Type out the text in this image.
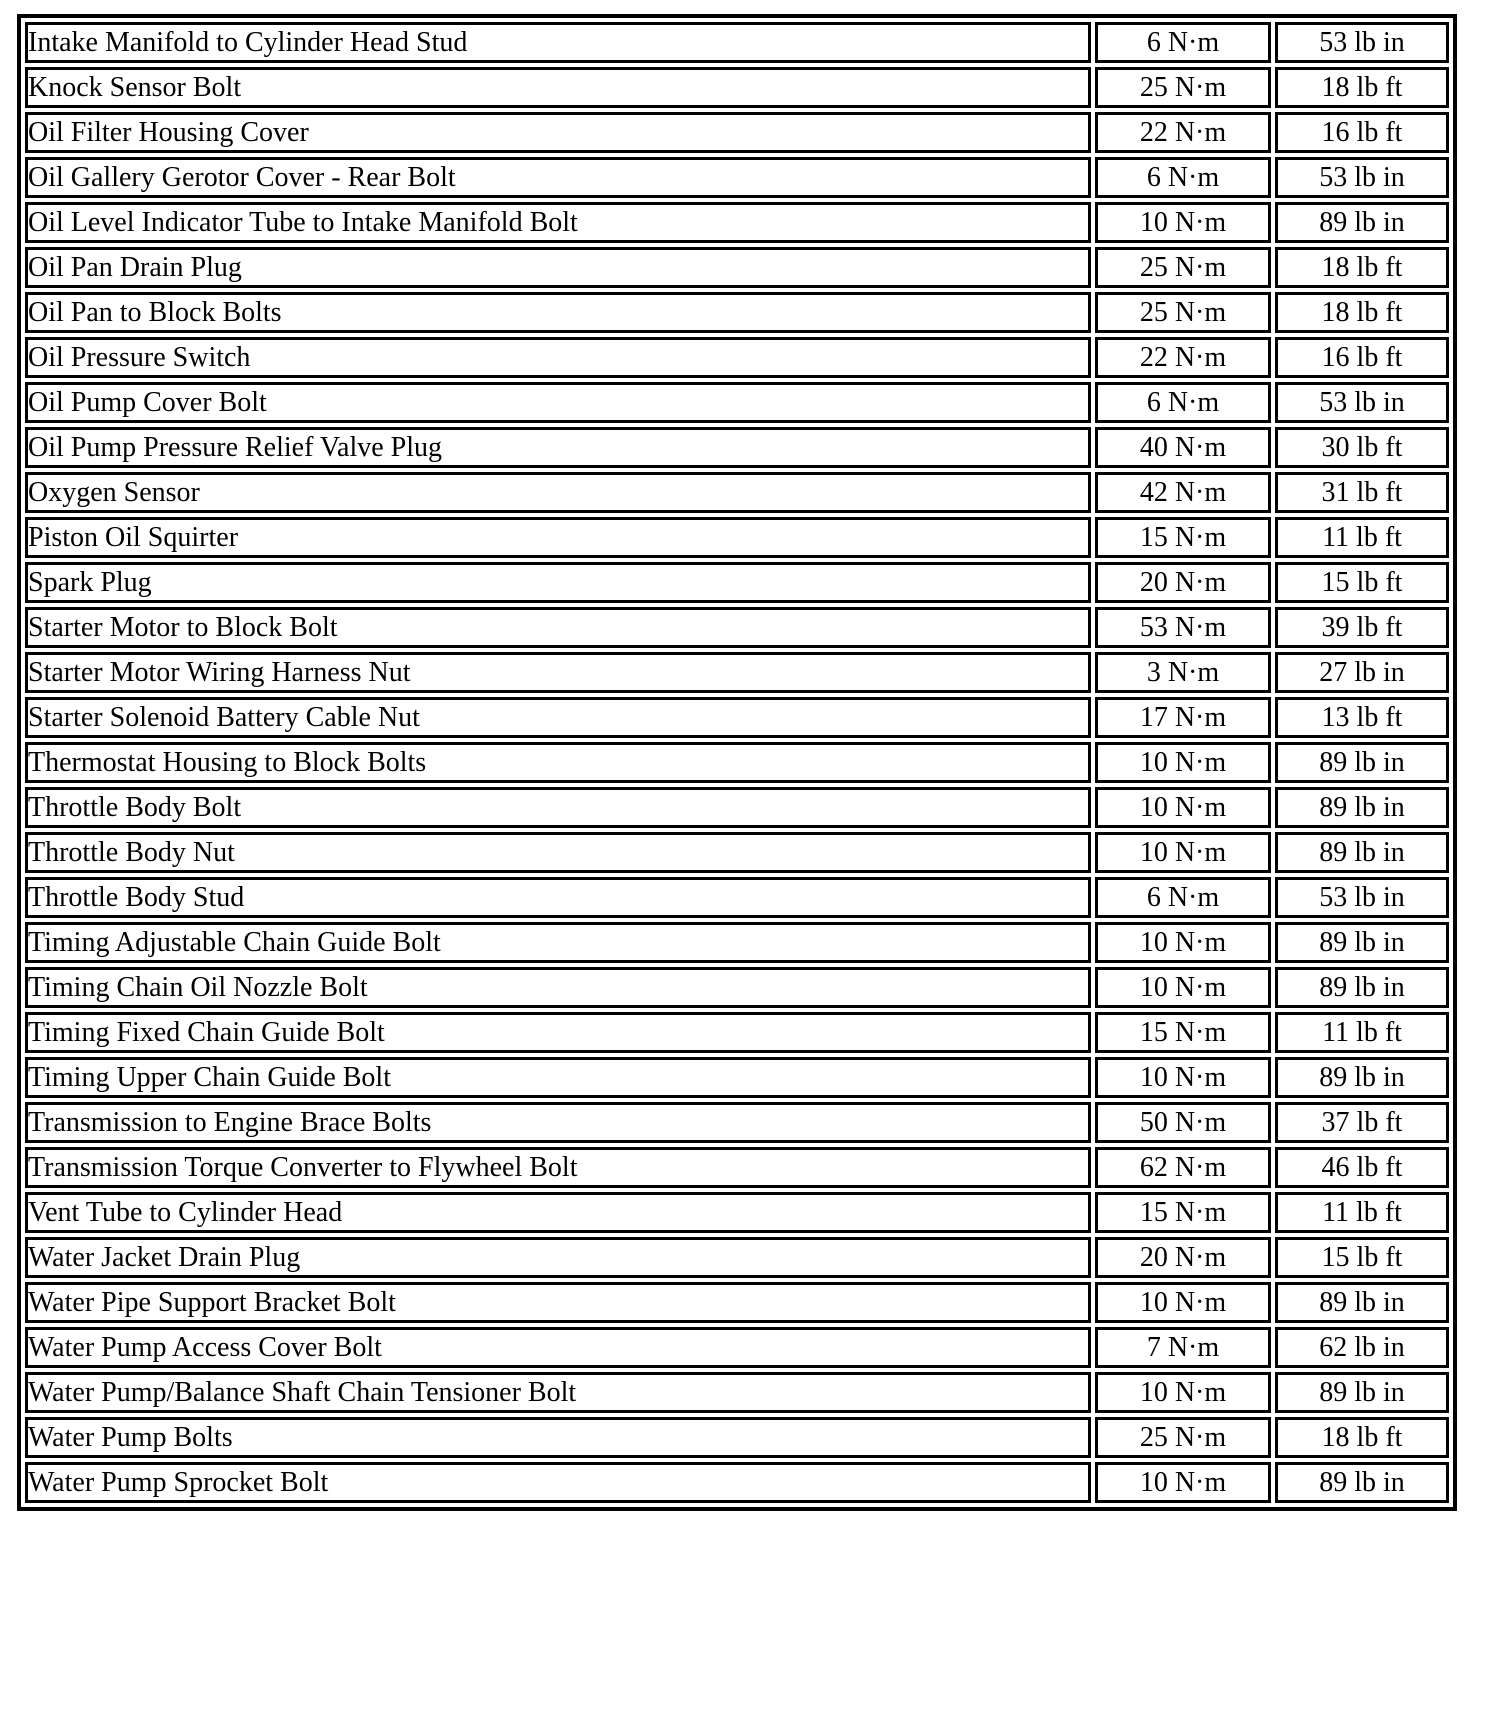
Intake Manifold to Cylinder Head Stud	6 N·m	53 lb in
Knock Sensor Bolt	25 N·m	18 lb ft
Oil Filter Housing Cover	22 N·m	16 lb ft
Oil Gallery Gerotor Cover - Rear Bolt	6 N·m	53 lb in
Oil Level Indicator Tube to Intake Manifold Bolt	10 N·m	89 lb in
Oil Pan Drain Plug	25 N·m	18 lb ft
Oil Pan to Block Bolts	25 N·m	18 lb ft
Oil Pressure Switch	22 N·m	16 lb ft
Oil Pump Cover Bolt	6 N·m	53 lb in
Oil Pump Pressure Relief Valve Plug	40 N·m	30 lb ft
Oxygen Sensor	42 N·m	31 lb ft
Piston Oil Squirter	15 N·m	11 lb ft
Spark Plug	20 N·m	15 lb ft
Starter Motor to Block Bolt	53 N·m	39 lb ft
Starter Motor Wiring Harness Nut	3 N·m	27 lb in
Starter Solenoid Battery Cable Nut	17 N·m	13 lb ft
Thermostat Housing to Block Bolts	10 N·m	89 lb in
Throttle Body Bolt	10 N·m	89 lb in
Throttle Body Nut	10 N·m	89 lb in
Throttle Body Stud	6 N·m	53 lb in
Timing Adjustable Chain Guide Bolt	10 N·m	89 lb in
Timing Chain Oil Nozzle Bolt	10 N·m	89 lb in
Timing Fixed Chain Guide Bolt	15 N·m	11 lb ft
Timing Upper Chain Guide Bolt	10 N·m	89 lb in
Transmission to Engine Brace Bolts	50 N·m	37 lb ft
Transmission Torque Converter to Flywheel Bolt	62 N·m	46 lb ft
Vent Tube to Cylinder Head	15 N·m	11 lb ft
Water Jacket Drain Plug	20 N·m	15 lb ft
Water Pipe Support Bracket Bolt	10 N·m	89 lb in
Water Pump Access Cover Bolt	7 N·m	62 lb in
Water Pump/Balance Shaft Chain Tensioner Bolt	10 N·m	89 lb in
Water Pump Bolts	25 N·m	18 lb ft
Water Pump Sprocket Bolt	10 N·m	89 lb in
